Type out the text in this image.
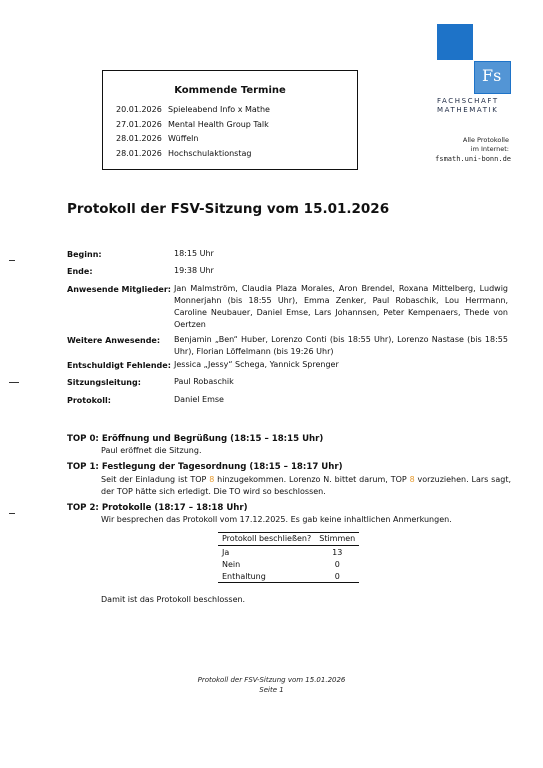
Fs
FACHSCHAFT
MATHEMATIK
Alle Protokolle
im Internet:
fsmath.uni-bonn.de
Kommende Termine
20.01.2026 Spieleabend Info x Mathe
27.01.2026 Mental Health Group Talk
28.01.2026 Wüffeln
28.01.2026 Hochschulaktionstag
Protokoll der FSV-Sitzung vom 15.01.2026
Beginn:	18:15 Uhr
Ende:	19:38 Uhr
Anwesende Mitglieder: Jan Malmström, Claudia Plaza Morales, Aron Brendel, Roxana Mittelberg, Ludwig Monnerjahn (bis 18:55 Uhr), Emma Zenker, Paul Robaschik, Lou Herrmann, Caroline Neubauer, Daniel Emse, Lars Johannsen, Peter Kempenaers, Thede von Oertzen
Weitere Anwesende: Benjamin „Ben“ Huber, Lorenzo Conti (bis 18:55 Uhr), Lorenzo Nastase (bis 18:55 Uhr), Florian Löffelmann (bis 19:26 Uhr)
Entschuldigt Fehlende: Jessica „Jessy“ Schega, Yannick Sprenger
Sitzungsleitung:	Paul Robaschik
Protokoll:	Daniel Emse
TOP 0: Eröffnung und Begrüßung (18:15 – 18:15 Uhr)
Paul eröffnet die Sitzung.
TOP 1: Festlegung der Tagesordnung (18:15 – 18:17 Uhr)
Seit der Einladung ist TOP 8 hinzugekommen. Lorenzo N. bittet darum, TOP 8 vorzuziehen. Lars sagt, der TOP hätte sich erledigt. Die TO wird so beschlossen.
TOP 2: Protokolle (18:17 – 18:18 Uhr)
Wir besprechen das Protokoll vom 17.12.2025. Es gab keine inhaltlichen Anmerkungen.
Protokoll beschließen?	Stimmen
Ja	13
Nein	0
Enthaltung	0
Damit ist das Protokoll beschlossen.
Protokoll der FSV-Sitzung vom 15.01.2026
Seite 1
